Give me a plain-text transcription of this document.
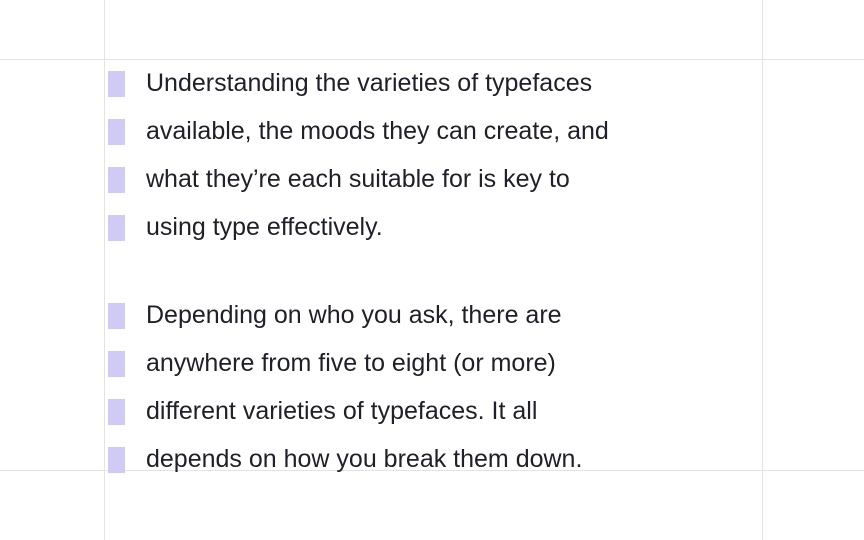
Understanding the varieties of typefaces
available, the moods they can create, and
what they’re each suitable for is key to
using type effectively.
Depending on who you ask, there are
anywhere from five to eight (or more)
different varieties of typefaces. It all
depends on how you break them down.
